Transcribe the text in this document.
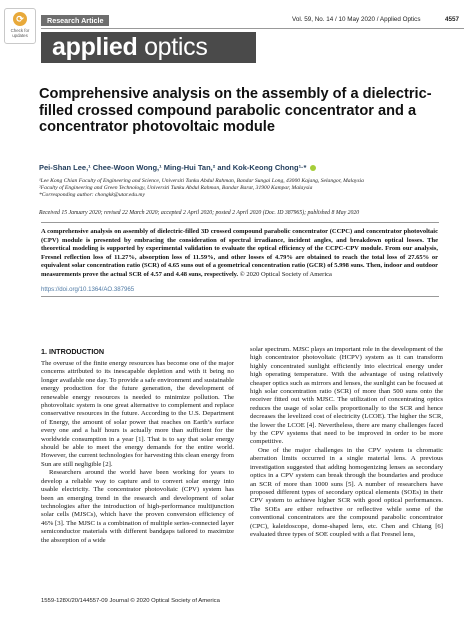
⟳
Check for
updates
Research Article	Vol. 59, No. 14 / 10 May 2020 / Applied Optics	4557
applied optics
Comprehensive analysis on the assembly of a dielectric-filled crossed compound parabolic concentrator and a concentrator photovoltaic module
Pei-Shan Lee,¹ Chee-Woon Wong,¹ Ming-Hui Tan,² and Kok-Keong Chong¹·*
¹Lee Kong Chian Faculty of Engineering and Science, Universiti Tunku Abdul Rahman, Bandar Sungai Long, 43000 Kajang, Selangor, Malaysia
²Faculty of Engineering and Green Technology, Universiti Tunku Abdul Rahman, Bandar Barat, 31900 Kampar, Malaysia
*Corresponding author: chongkk@utar.edu.my
Received 15 January 2020; revised 22 March 2020; accepted 2 April 2020; posted 2 April 2020 (Doc. ID 387965); published 8 May 2020
A comprehensive analysis on assembly of dielectric-filled 3D crossed compound parabolic concentrator (CCPC) and concentrator photovoltaic (CPV) module is presented by embracing the consideration of spectral irradiance, incident angles, and breakdown optical losses. The theoretical modeling is supported by experimental validation to evaluate the optical efficiency of the CCPC-CPV module. From our analysis, Fresnel reflection loss of 11.27%, absorption loss of 11.59%, and other losses of 4.79% are obtained to reach the total loss of 27.65% or equivalent solar concentration ratio (SCR) of 4.65 suns out of a geometrical concentration ratio (GCR) of 5.998 suns. Then, indoor and outdoor measurements prove the actual SCR of 4.57 and 4.48 suns, respectively. © 2020 Optical Society of America
https://doi.org/10.1364/AO.387965
1. INTRODUCTION

The overuse of the finite energy resources has become one of the major concerns attributed to its inescapable depletion and with it being no longer available one day. To provide a safe environment and sustainable energy production for the future generation, the development of renewable energy resources is needed to minimize pollution. The photovoltaic system is one great alternative to complement and replace conservative resources in the future. According to the U.S. Department of Energy, the amount of solar power that reaches on Earth’s surface every one and a half hours is actually more than sufficient for the worldwide consumption in a year [1]. That is to say that solar energy should be able to meet the energy demands for the entire world. However, the current technologies for harvesting this clean energy from Sun are still negligible [2].

Researchers around the world have been working for years to develop a reliable way to capture and to convert solar energy into usable electricity. The concentrator photovoltaic (CPV) system has been an emerging trend in the research and development of solar technologies after the introduction of high-performance multijunction solar cells (MJSCs), which have the proven conversion efficiency of 46% [3]. The MJSC is a combination of multiple series-connected layer semiconductor materials with different bandgaps tailored to maximize the absorption of a wide

solar spectrum. MJSC plays an important role in the development of the high concentrator photovoltaic (HCPV) system as it can transform highly concentrated sunlight efficiently into electrical energy under high operating temperature. With the advantage of using relatively cheaper optics such as mirrors and lenses, the sunlight can be focused at high solar concentration ratio (SCR) of more than 500 suns onto the receiver fitted out with MJSC. The utilization of concentrating optics reduces the usage of solar cells proportionally to the SCR and hence decreases the levelized cost of electricity (LCOE). The higher the SCR, the lower the LCOE [4]. Nevertheless, there are many challenges faced by the CPV systems that need to be improved in order to be more competitive.

One of the major challenges in the CPV system is chromatic aberration limits occurred in a single material lens. A previous investigation suggested that adding homogenizing lenses as secondary optics in a CPV system can break through the boundaries and produce an SCR of more than 1000 suns [5]. A number of researchers have proposed different types of secondary optical elements (SOEs) in their CPV system to achieve higher SCR with good optical performances. The SOEs are either refractive or reflective while some of the conventional concentrators are the compound parabolic concentrator (CPC), kaleidoscope, dome-shaped lens, etc. Chen and Chiang [6] evaluated three types of SOE coupled with a flat Fresnel lens,

1559-128X/20/144557-09 Journal © 2020 Optical Society of America
